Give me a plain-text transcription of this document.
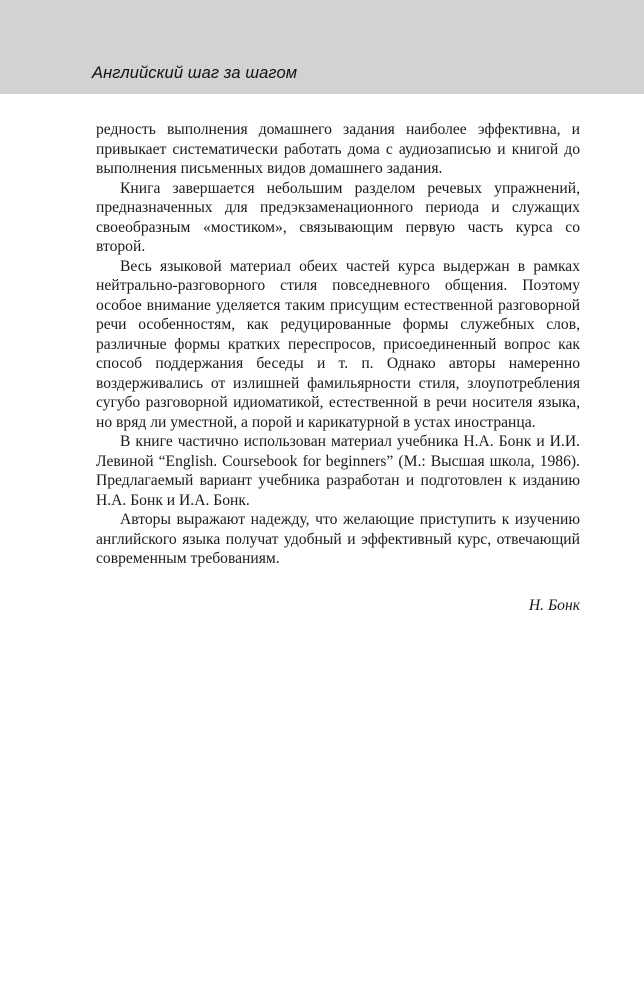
Английский шаг за шагом

редность выполнения домашнего задания наиболее эффективна, и привыкает систематически работать дома с аудиозаписью и книгой до выполнения письменных видов домашнего задания.

Книга завершается небольшим разделом речевых упражнений, предназначенных для предэкзаменационного периода и служащих своеобразным «мостиком», связывающим первую часть курса со второй.

Весь языковой материал обеих частей курса выдержан в рамках нейтрально-разговорного стиля повседневного общения. Поэтому особое внимание уделяется таким присущим естественной разговорной речи особенностям, как редуцированные формы служебных слов, различные формы кратких переспросов, присоединенный вопрос как способ поддержания беседы и т. п. Однако авторы намеренно воздерживались от излишней фамильярности стиля, злоупотребления сугубо разговорной идиоматикой, естественной в речи носителя языка, но вряд ли уместной, а порой и карикатурной в устах иностранца.

В книге частично использован материал учебника Н.А. Бонк и И.И. Левиной “English. Coursebook for beginners” (М.: Высшая школа, 1986). Предлагаемый вариант учебника разработан и подготовлен к изданию Н.А. Бонк и И.А. Бонк.

Авторы выражают надежду, что желающие приступить к изучению английского языка получат удобный и эффективный курс, отвечающий современным требованиям.

Н. Бонк
